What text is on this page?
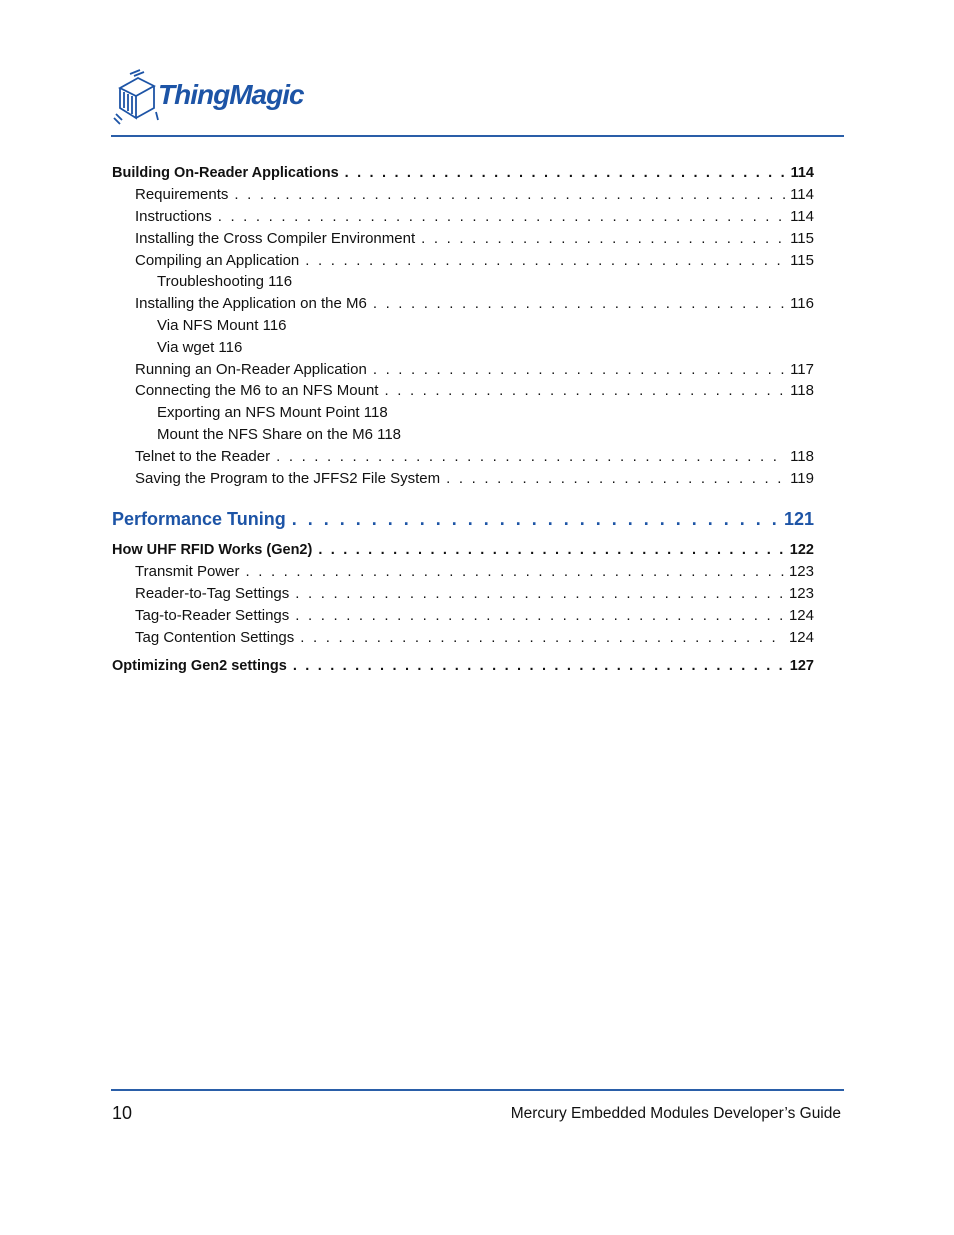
ThingMagic
Building On-Reader Applications . . .	114
Requirements . . .	114
Instructions . . .	114
Installing the Cross Compiler Environment . . .	115
Compiling an Application . . .	115
Troubleshooting 116
Installing the Application on the M6 . . .	116
Via NFS Mount 116
Via wget 116
Running an On-Reader Application . . .	117
Connecting the M6 to an NFS Mount . . .	118
Exporting an NFS Mount Point 118
Mount the NFS Share on the M6 118
Telnet to the Reader . . .	118
Saving the Program to the JFFS2 File System . . .	119
Performance Tuning . . .	121
How UHF RFID Works (Gen2) . . .	122
Transmit Power . . .	123
Reader-to-Tag Settings . . .	123
Tag-to-Reader Settings . . .	124
Tag Contention Settings . . .	124
Optimizing Gen2 settings . . .	127
10	Mercury Embedded Modules Developer’s Guide
